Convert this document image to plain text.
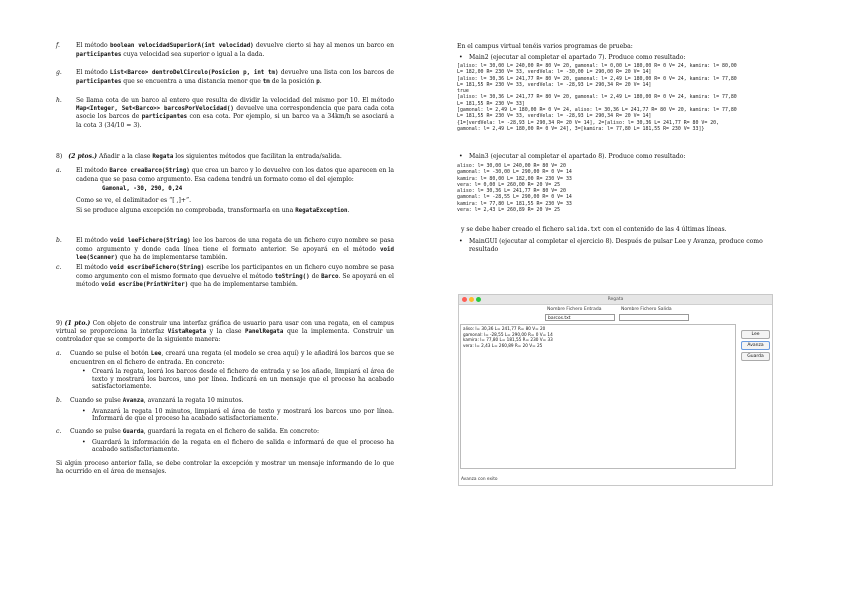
f.	El método boolean velocidadSuperiorA(int velocidad) devuelve cierto si hay al menos un barco en participantes cuya velocidad sea superior o igual a la dada.
g. El método List<Barco> dentroDelCirculo(Posicion p, int tm) devuelve una lista con los barcos de participantes que se encuentra a una distancia menor que tm de la posición p.
h. Se llama cota de un barco al entero que resulta de dividir la velocidad del mismo por 10. El método Map<Integer, Set<Barco>> barcosPorVelocidad() devuelve una correspondencia que para cada cota asocie los barcos de participantes con esa cota. Por ejemplo, si un barco va a 34km/h se asociará a la cota 3 (34/10 = 3).
8) (2 ptos.) Añadir a la clase Regata los siguientes métodos que facilitan la entrada/salida.
a. El método Barco creaBarco(String) que crea un barco y lo devuelve con los datos que aparecen en la cadena que se pasa como argumento. Esa cadena tendrá un formato como el del ejemplo:
Gamonal, -30, 290, 0,24
Como se ve, el delimitador es “[ ,]+”.
Si se produce alguna excepción no comprobada, transformarla en una RegataException.
b. El método void leeFichero(String) lee los barcos de una regata de un fichero cuyo nombre se pasa como argumento y donde cada línea tiene el formato anterior. Se apoyará en el método void lee(Scanner) que ha de implementarse también.
c. El método void escribeFichero(String) escribe los participantes en un fichero cuyo nombre se pasa como argumento con el mismo formato que devuelve el método toString() de Barco. Se apoyará en el método void escribe(PrintWriter) que ha de implementarse también.
9) (1 pto.) Con objeto de construir una interfaz gráfica de usuario para usar con una regata, en el campus virtual se proporciona la interfaz VistaRegata y la clase PanelRegata que la implementa. Construir un controlador que se comporte de la siguiente manera:
a. Cuando se pulse el botón Lee, creará una regata (el modelo se crea aquí) y le añadirá los barcos que se encuentren en el fichero de entrada. En concreto:
• Creará la regata, leerá los barcos desde el fichero de entrada y se los añade, limpiará el área de texto y mostrará los barcos, uno por línea. Indicará en un mensaje que el proceso ha acabado satisfactoriamente.
b. Cuando se pulse Avanza, avanzará la regata 10 minutos.
• Avanzará la regata 10 minutos, limpiará el área de texto y mostrará los barcos uno por línea. Informará de que el proceso ha acabado satisfactoriamente.
c. Cuando se pulse Guarda, guardará la regata en el fichero de salida. En concreto:
• Guardará la información de la regata en el fichero de salida e informará de que el proceso ha acabado satisfactoriamente.
Si algún proceso anterior falla, se debe controlar la excepción y mostrar un mensaje informando de lo que ha ocurrido en el área de mensajes.
En el campus virtual tenéis varios programas de prueba:
• Main2 (ejecutar al completar el apartado 7). Produce como resultado:
[aliso: l= 30,00 L= 240,00 R= 80 V= 20, gamonal: l= 0,00 L= 180,00 R= 0 V= 24, kamira: l= 80,00
L= 182,00 R= 230 V= 33, verdVela: l= -30,00 L= 290,00 R= 20 V= 14]
[aliso: l= 30,36 L= 241,77 R= 80 V= 20, gamonal: l= 2,49 L= 180,00 R= 0 V= 24, kamira: l= 77,80
L= 181,55 R= 230 V= 33, verdVela: l= -28,93 L= 290,34 R= 20 V= 14]
true
[aliso: l= 30,36 L= 241,77 R= 80 V= 20, gamonal: l= 2,49 L= 180,00 R= 0 V= 24, kamira: l= 77,80
L= 181,55 R= 230 V= 33]
[gamonal: l= 2,49 L= 180,00 R= 0 V= 24, aliso: l= 30,36 L= 241,77 R= 80 V= 20, kamira: l= 77,80
L= 181,55 R= 230 V= 33, verdVela: l= -28,93 L= 290,34 R= 20 V= 14]
{1=[verdVela: l= -28,93 L= 290,34 R= 20 V= 14], 2=[aliso: l= 30,36 L= 241,77 R= 80 V= 20,
gamonal: l= 2,49 L= 180,00 R= 0 V= 24], 3=[kamira: l= 77,80 L= 181,55 R= 230 V= 33]}
• Main3 (ejecutar al completar el apartado 8). Produce como resultado:
aliso: l= 30,00 L= 240,00 R= 80 V= 20
gamonal: l= -30,00 L= 290,00 R= 0 V= 14
kamira: l= 80,00 L= 182,00 R= 230 V= 33
vera: l= 0,00 L= 260,00 R= 20 V= 25
aliso: l= 30,36 L= 241,77 R= 80 V= 20
gamonal: l= -28,55 L= 290,00 R= 0 V= 14
kamira: l= 77,80 L= 181,55 R= 230 V= 33
vera: l= 2,43 L= 260,89 R= 20 V= 25
y se debe haber creado el fichero salida.txt con el contenido de las 4 últimas líneas.
• MainGUI (ejecutar al completar el ejercicio 8). Después de pulsar Lee y Avanza, produce como resultado
Regata
Nombre Fichero Entrada
barcos.txt
Nombre Fichero Salida
aliso: l= 30,36 L= 241,77 R= 80 V= 20
gamonal: l= -28,55 L= 290,00 R= 0 V= 14
kamira: l= 77,80 L= 181,55 R= 230 V= 33
vera: l= 2,43 L= 260,89 R= 20 V= 25
Lee
Avanza
Guarda
Avanza con exito
